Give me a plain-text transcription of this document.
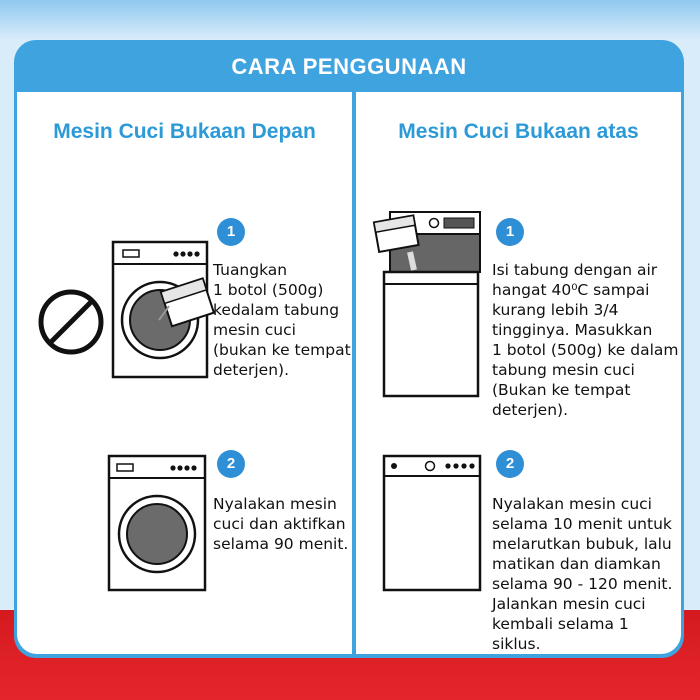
CARA PENGGUNAAN
Mesin Cuci Bukaan Depan
1
Tuangkan
1 botol (500g)
kedalam tabung
mesin cuci
(bukan ke tempat
deterjen).
2
Nyalakan mesin
cuci dan aktifkan
selama 90 menit.
Mesin Cuci Bukaan atas
1
Isi tabung dengan air
hangat 40⁰C sampai
kurang lebih 3/4
tingginya. Masukkan
1 botol (500g) ke dalam
tabung mesin cuci
(Bukan ke tempat
deterjen).
2
Nyalakan mesin cuci
selama 10 menit untuk
melarutkan bubuk, lalu
matikan dan diamkan
selama 90 - 120 menit.
Jalankan mesin cuci
kembali selama 1 siklus.
